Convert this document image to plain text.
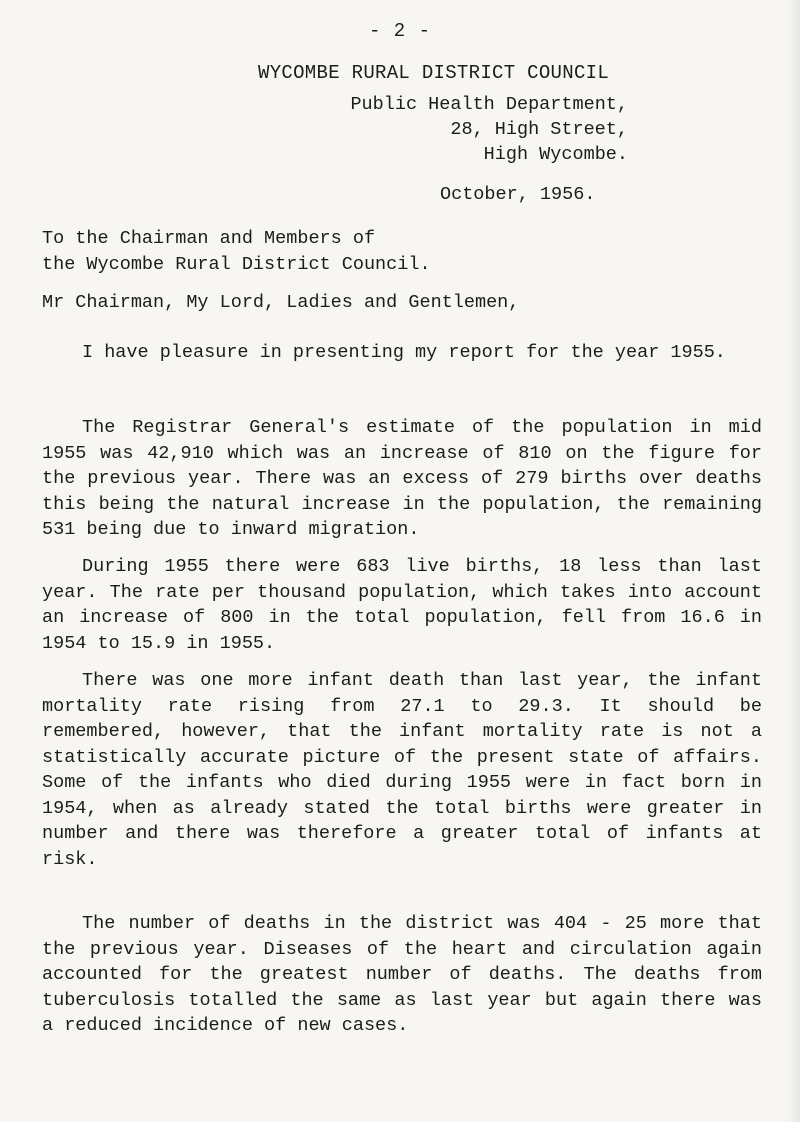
- 2 -
WYCOMBE RURAL DISTRICT COUNCIL
Public Health Department,
28, High Street,
High Wycombe.
October, 1956.
To the Chairman and Members of
the Wycombe Rural District Council.
Mr Chairman, My Lord, Ladies and Gentlemen,
I have pleasure in presenting my report for the year 1955.
The Registrar General's estimate of the population in mid 1955 was 42,910 which was an increase of 810 on the figure for the previous year. There was an excess of 279 births over deaths this being the natural increase in the population, the remaining 531 being due to inward migration.
During 1955 there were 683 live births, 18 less than last year. The rate per thousand population, which takes into account an increase of 800 in the total population, fell from 16.6 in 1954 to 15.9 in 1955.
There was one more infant death than last year, the infant mortality rate rising from 27.1 to 29.3. It should be remembered, however, that the infant mortality rate is not a statistically accurate picture of the present state of affairs. Some of the infants who died during 1955 were in fact born in 1954, when as already stated the total births were greater in number and there was therefore a greater total of infants at risk.
The number of deaths in the district was 404 - 25 more that the previous year. Diseases of the heart and circulation again accounted for the greatest number of deaths. The deaths from tuberculosis totalled the same as last year but again there was a reduced incidence of new cases.
